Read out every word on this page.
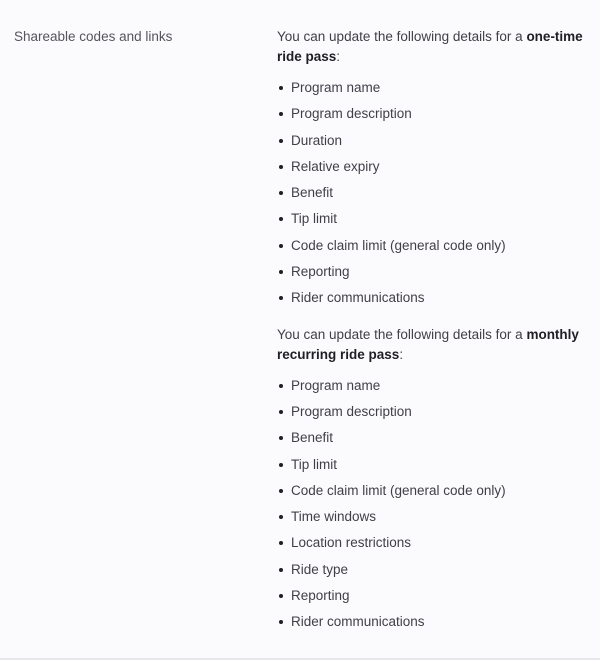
Shareable codes and links	You can update the following details for a one-time ride pass:

Program name
Program description
Duration
Relative expiry
Benefit
Tip limit
Code claim limit (general code only)
Reporting
Rider communications

You can update the following details for a monthly recurring ride pass:

Program name
Program description
Benefit
Tip limit
Code claim limit (general code only)
Time windows
Location restrictions
Ride type
Reporting
Rider communications
